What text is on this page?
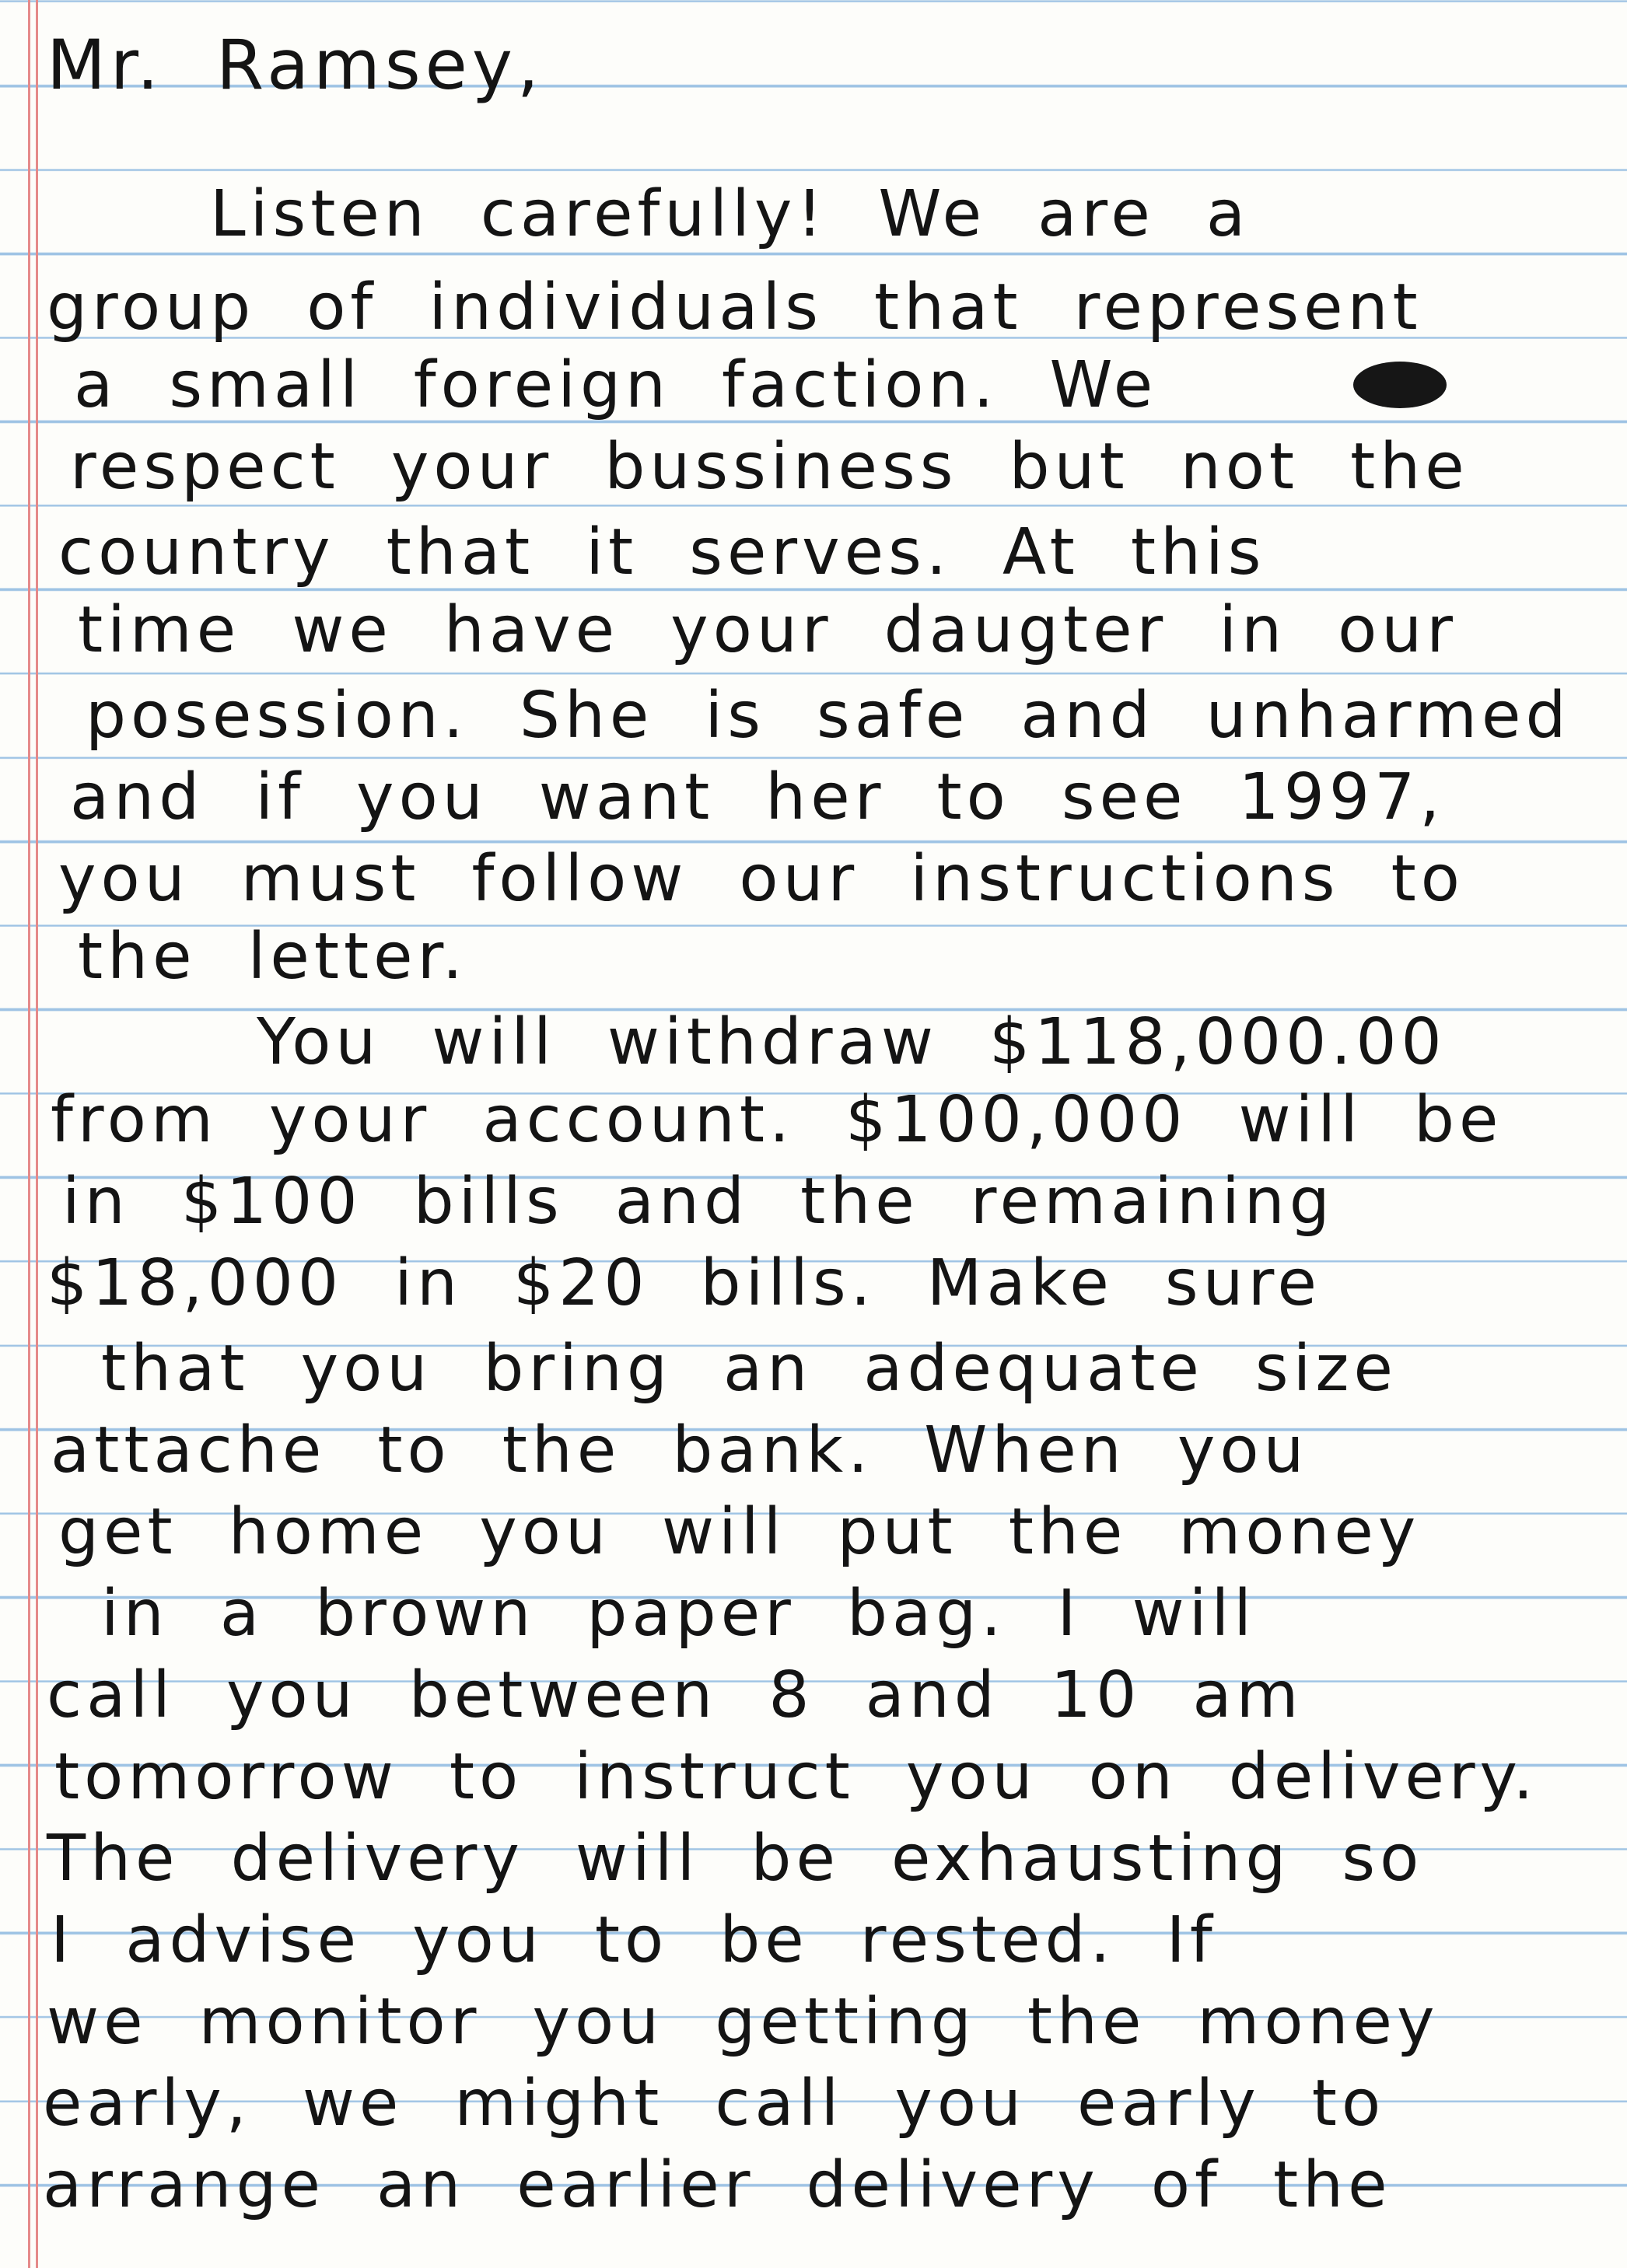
Mr. Ramsey,
Listen carefully! We are a
group of individuals that represent
a small foreign faction. We
respect your bussiness but not the
country that it serves. At this
time we have your daugter in our
posession. She is safe and unharmed
and if you want her to see 1997,
you must follow our instructions to
the letter.
You will withdraw $118,000.00
from your account. $100,000 will be
in $100 bills and the remaining
$18,000 in $20 bills. Make sure
that you bring an adequate size
attache to the bank. When you
get home you will put the money
in a brown paper bag. I will
call you between 8 and 10 am
tomorrow to instruct you on delivery.
The delivery will be exhausting so
I advise you to be rested. If
we monitor you getting the money
early, we might call you early to
arrange an earlier delivery of the
